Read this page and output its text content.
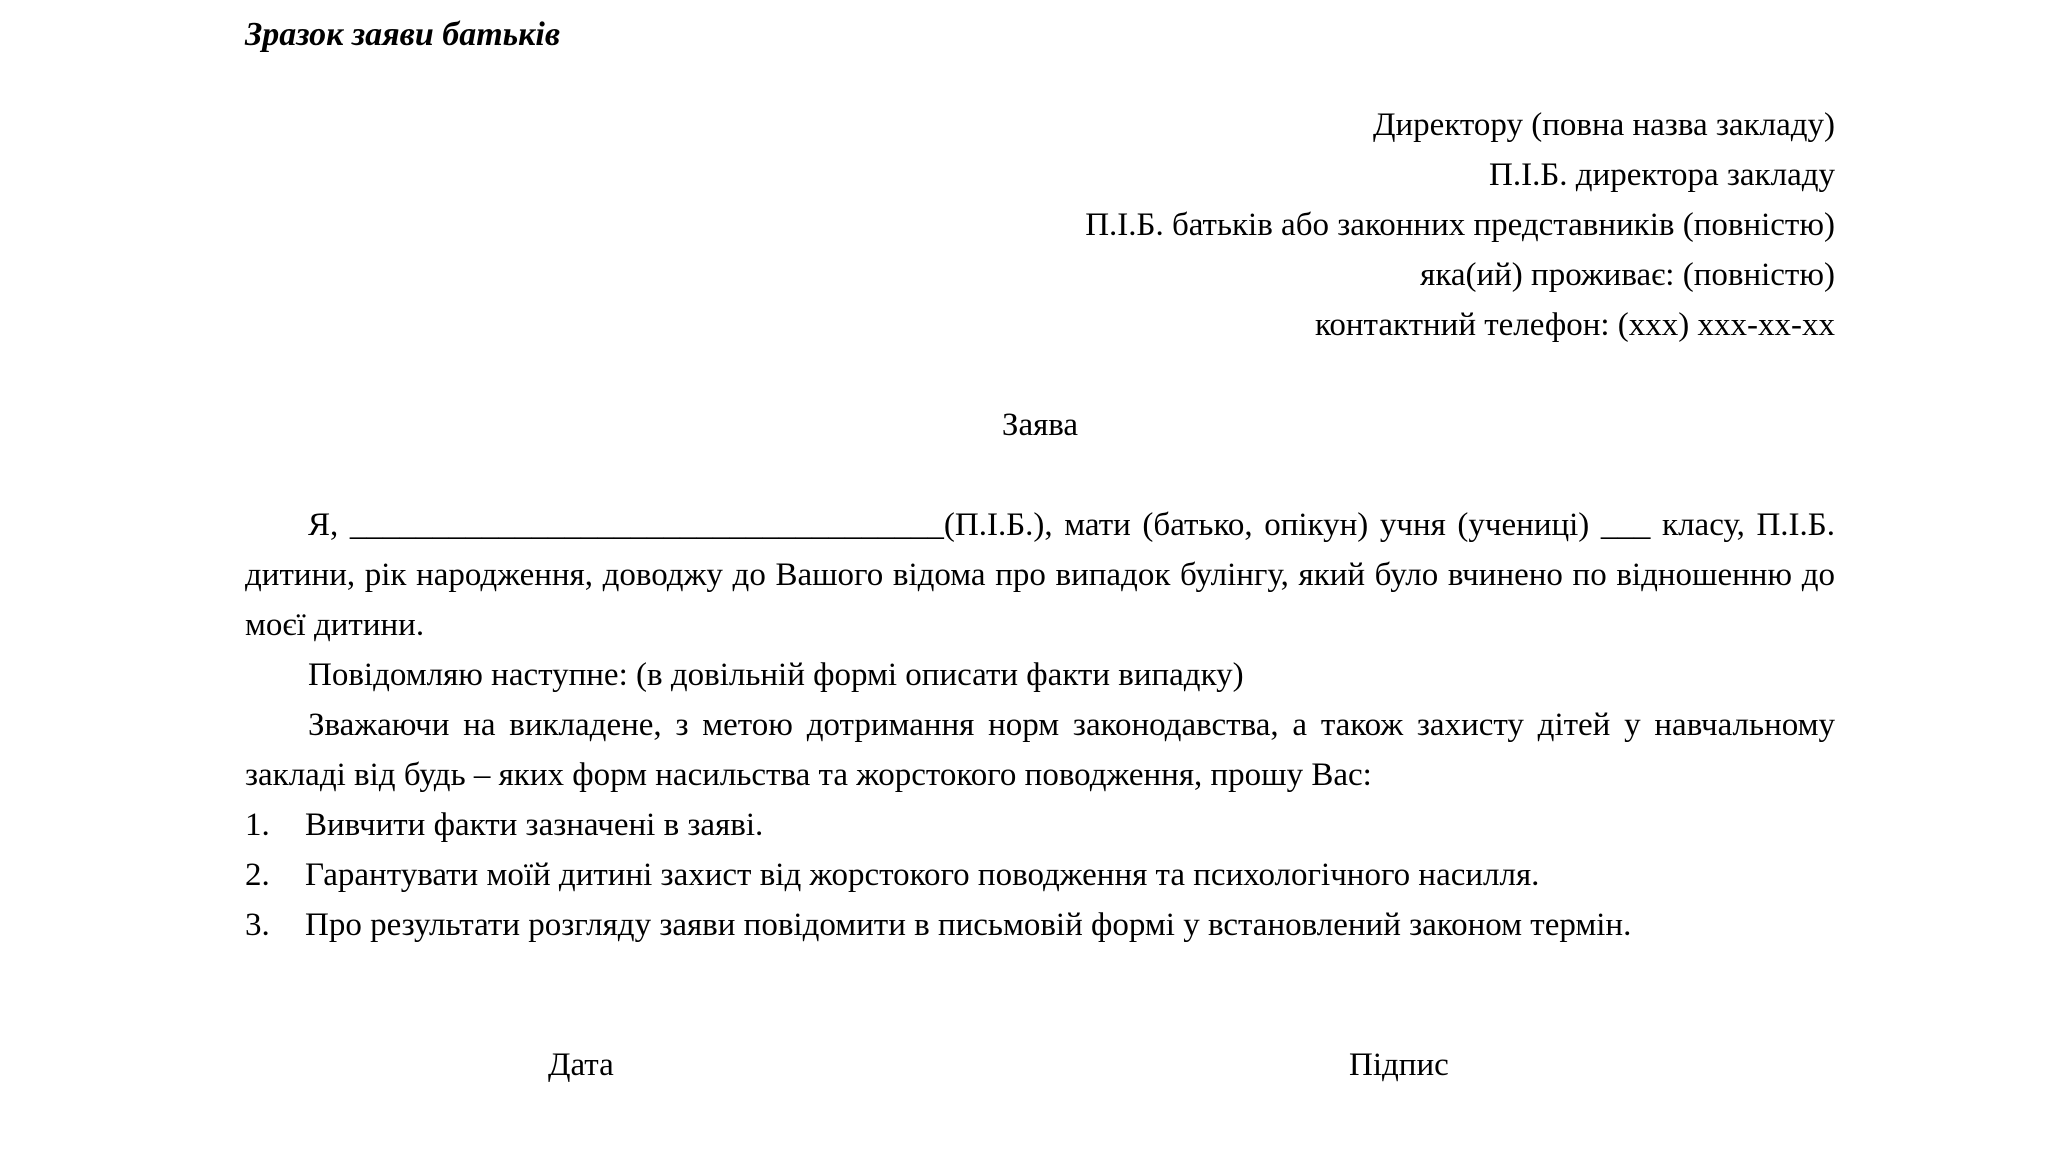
Зразок заяви батьків
Директору (повна назва закладу)
П.І.Б. директора закладу
П.І.Б. батьків або законних представників (повністю)
яка(ий) проживає: (повністю)
контактний телефон: (xxx) xxx-xx-xx
Заява

Я, ____________________________________(П.І.Б.), мати (батько, опікун) учня (учениці) ___ класу, П.І.Б. дитини, рік народження, доводжу до Вашого відома про випадок булінгу, який було вчинено по відношенню до моєї дитини.

Повідомляю наступне: (в довільній формі описати факти випадку)

Зважаючи на викладене, з метою дотримання норм законодавства, а також захисту дітей у навчальному закладі від будь – яких форм насильства та жорстокого поводження, прошу Вас:

Вивчити факти зазначені в заяві.
Гарантувати моїй дитині захист від жорстокого поводження та психологічного насилля.
Про результати розгляду заяви повідомити в письмовій формі у встановлений законом термін.
Дата	Підпис
